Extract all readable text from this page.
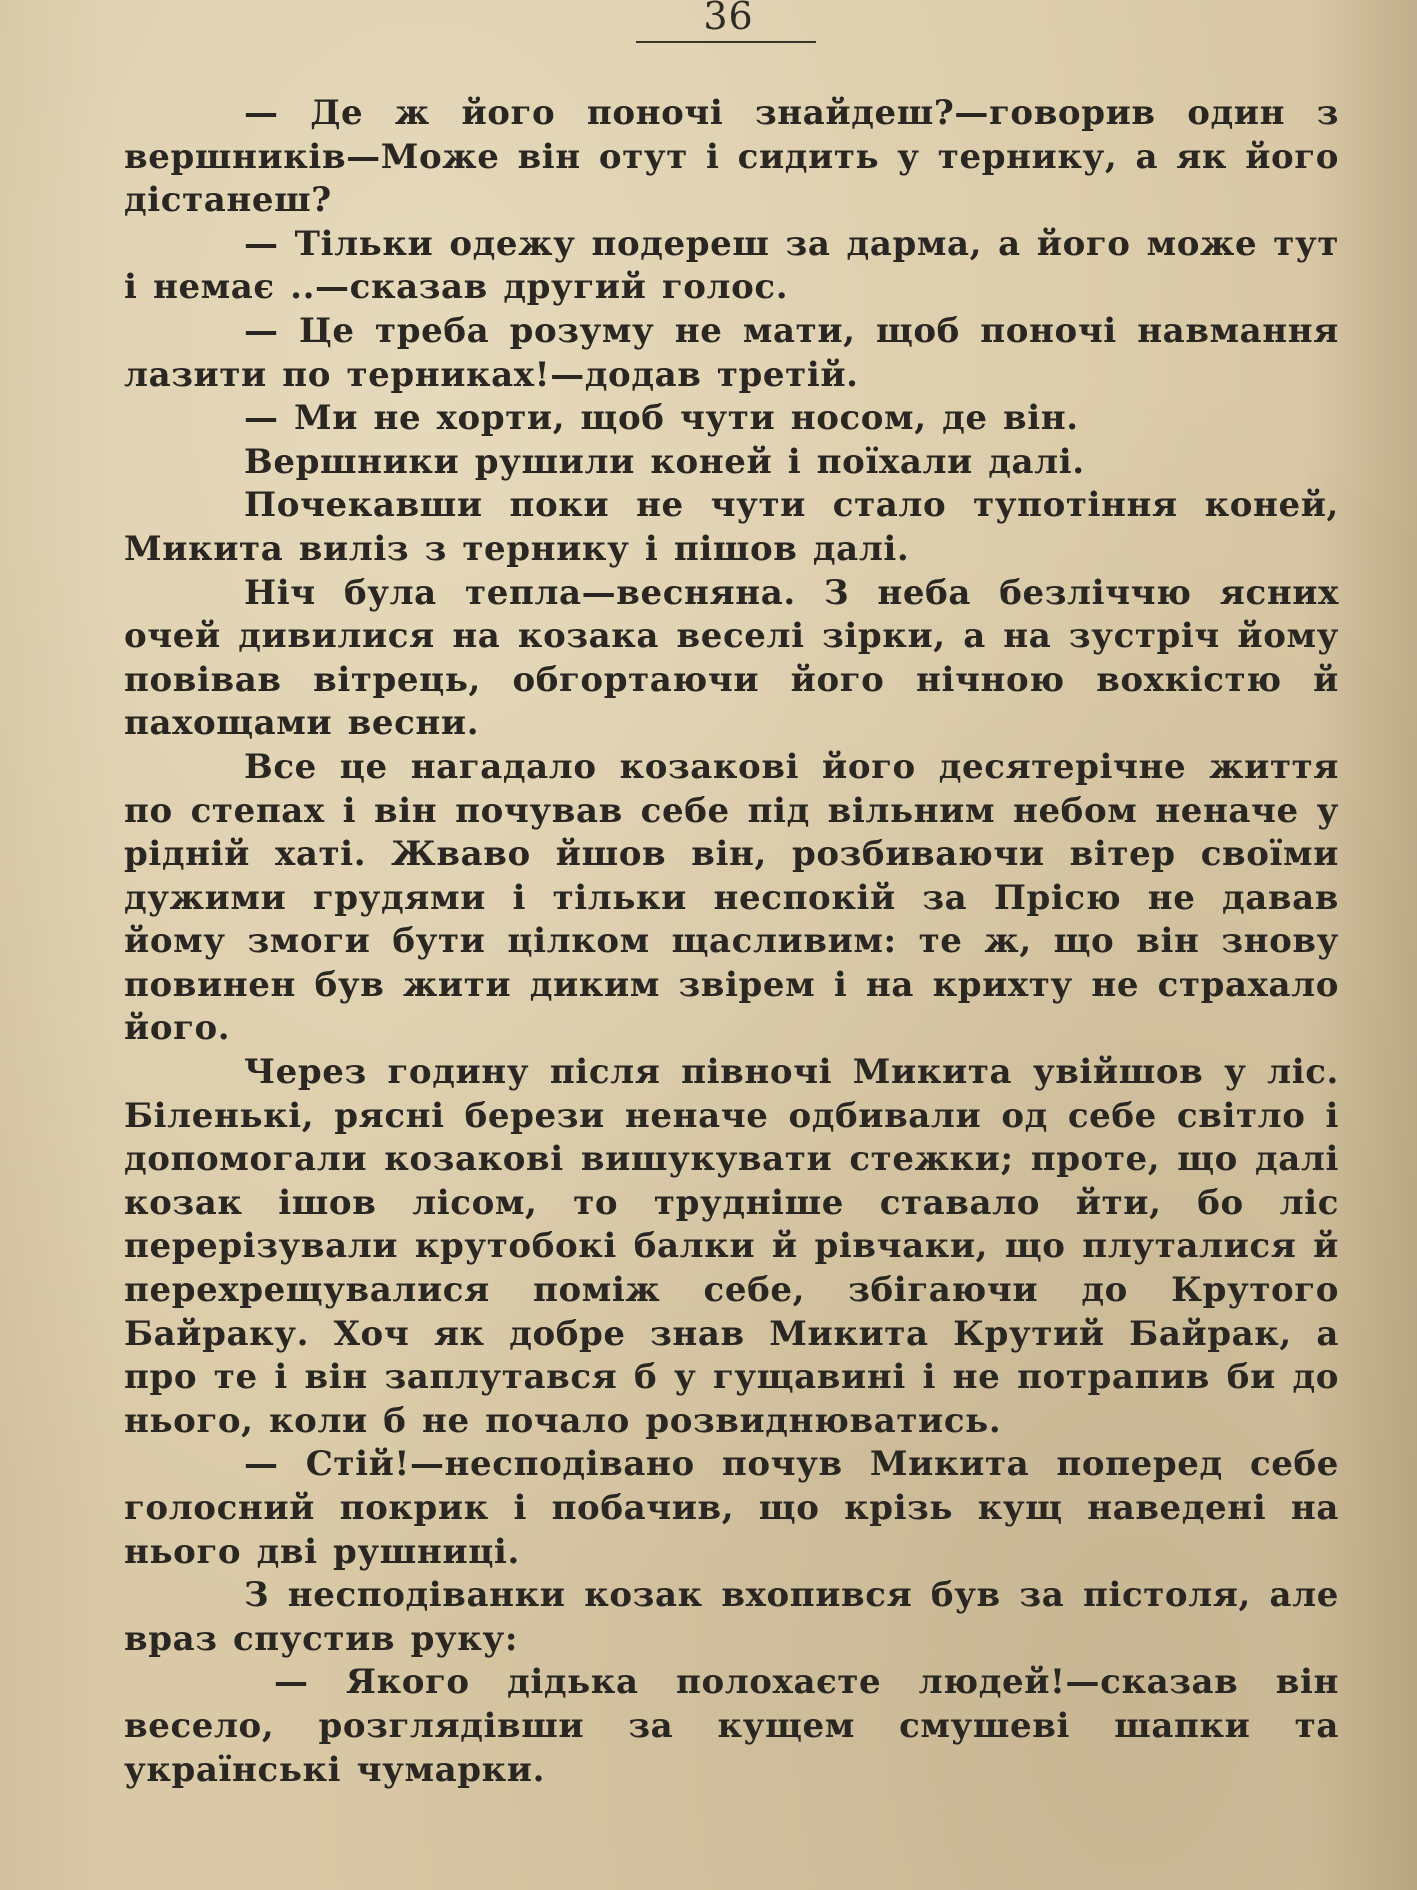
36

— Де ж його поночі знайдеш?—говорив один з вершників—Може він отут і сидить у тернику, а як його дістанеш?

— Тільки одежу подереш за дарма, а його може тут і немає ..—сказав другий голос.

— Це треба розуму не мати, щоб поночі навмання лазити по терниках!—додав третій.

— Ми не хорти, щоб чути носом, де він.

Вершники рушили коней і поїхали далі.

Почекавши поки не чути стало тупотіння коней, Микита виліз з тернику і пішов далі.

Ніч була тепла—весняна. З неба безліччю ясних очей дивилися на козака веселі зірки, а на зустріч йому повівав вітрець, обгортаючи його нічною вохкістю й пахощами весни.

Все це нагадало козакові його десятерічне життя по степах і він почував себе під вільним небом неначе у рідній хаті. Жваво йшов він, розбиваючи вітер своїми дужими грудями і тільки неспокій за Прісю не давав йому змоги бути цілком щасливим: те ж, що він знову повинен був жити диким звірем і на крихту не страхало його.

Через годину після півночі Микита увійшов у ліс. Біленькі, рясні берези неначе одбивали од себе світло і допомогали козакові вишукувати стежки; проте, що далі козак ішов лісом, то трудніше ставало йти, бо ліс перерізували крутобокі балки й рівчаки, що плуталися й перехрещувалися поміж себе, збігаючи до Крутого Байраку. Хоч як добре знав Микита Крутий Байрак, а про те і він заплутався б у гущавині і не потрапив би до нього, коли б не почало розвиднюватись.

— Стій!—несподівано почув Микита поперед себе голосний покрик і побачив, що крізь кущ наведені на нього дві рушниці.

З несподіванки козак вхопився був за пістоля, але враз спустив руку:

— Якого дідька полохаєте людей!—сказав він весело, розглядівши за кущем смушеві шапки та українські чумарки.
